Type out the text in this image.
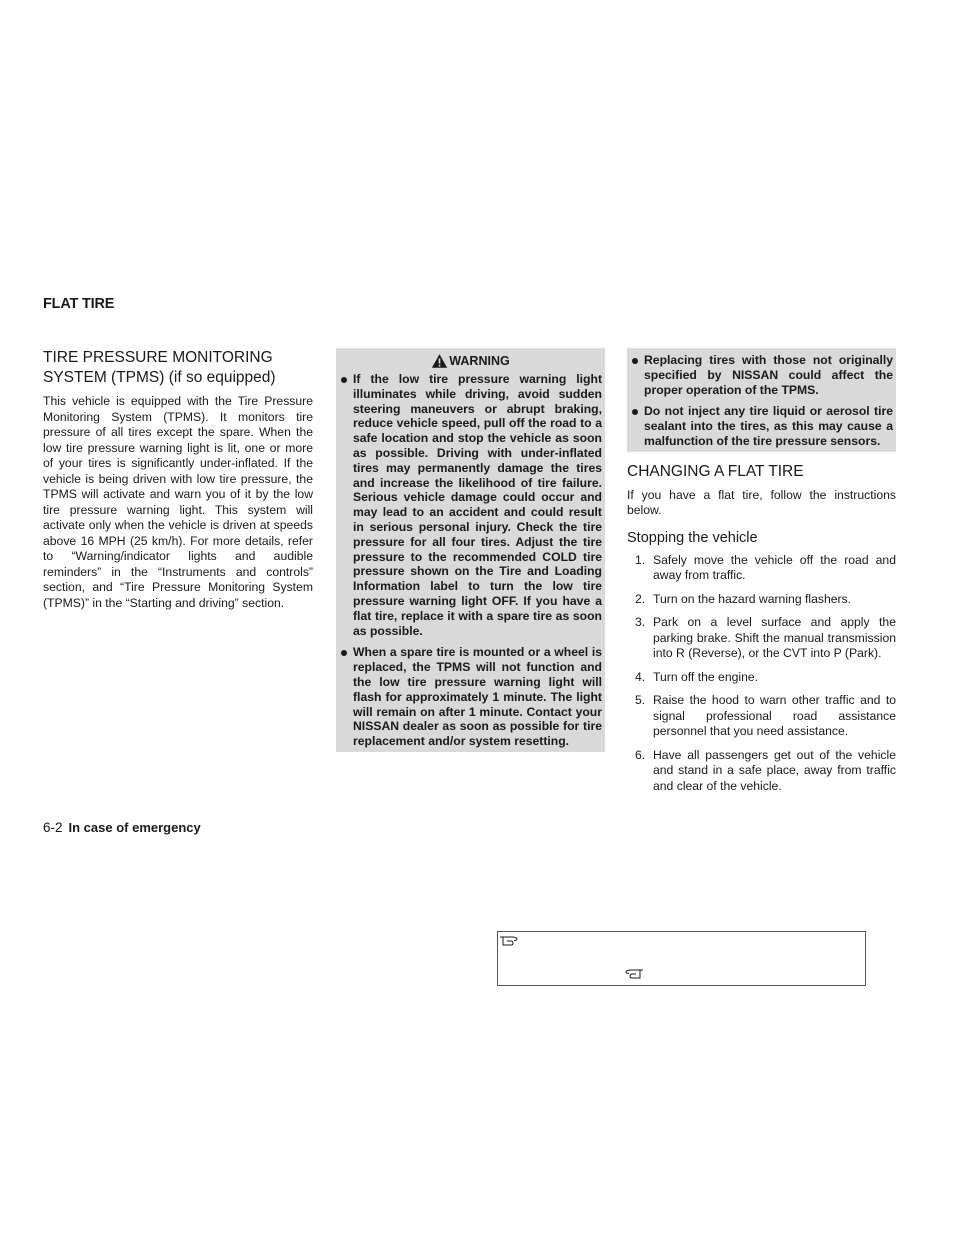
FLAT TIRE
TIRE PRESSURE MONITORING SYSTEM (TPMS) (if so equipped)

This vehicle is equipped with the Tire Pressure Monitoring System (TPMS). It monitors tire pressure of all tires except the spare. When the low tire pressure warning light is lit, one or more of your tires is significantly under-inflated. If the vehicle is being driven with low tire pressure, the TPMS will activate and warn you of it by the low tire pressure warning light. This system will activate only when the vehicle is driven at speeds above 16 MPH (25 km/h). For more details, refer to “Warning/indicator lights and audible reminders” in the “Instruments and controls” section, and “Tire Pressure Monitoring System (TPMS)” in the “Starting and driving” section.

WARNING
If the low tire pressure warning light illuminates while driving, avoid sudden steering maneuvers or abrupt braking, reduce vehicle speed, pull off the road to a safe location and stop the vehicle as soon as possible. Driving with under-inflated tires may permanently damage the tires and increase the likelihood of tire failure. Serious vehicle damage could occur and may lead to an accident and could result in serious personal injury. Check the tire pressure for all four tires. Adjust the tire pressure to the recommended COLD tire pressure shown on the Tire and Loading Information label to turn the low tire pressure warning light OFF. If you have a flat tire, replace it with a spare tire as soon as possible.
When a spare tire is mounted or a wheel is replaced, the TPMS will not function and the low tire pressure warning light will flash for approximately 1 minute. The light will remain on after 1 minute. Contact your NISSAN dealer as soon as possible for tire replacement and/or system resetting.
Replacing tires with those not originally specified by NISSAN could affect the proper operation of the TPMS.
Do not inject any tire liquid or aerosol tire sealant into the tires, as this may cause a malfunction of the tire pressure sensors.
CHANGING A FLAT TIRE

If you have a flat tire, follow the instructions below.

Stopping the vehicle
1. Safely move the vehicle off the road and away from traffic.
2. Turn on the hazard warning flashers.
3. Park on a level surface and apply the parking brake. Shift the manual transmission into R (Reverse), or the CVT into P (Park).
4. Turn off the engine.
5. Raise the hood to warn other traffic and to signal professional road assistance personnel that you need assistance.
6. Have all passengers get out of the vehicle and stand in a safe place, away from traffic and clear of the vehicle.
6-2 In case of emergency
